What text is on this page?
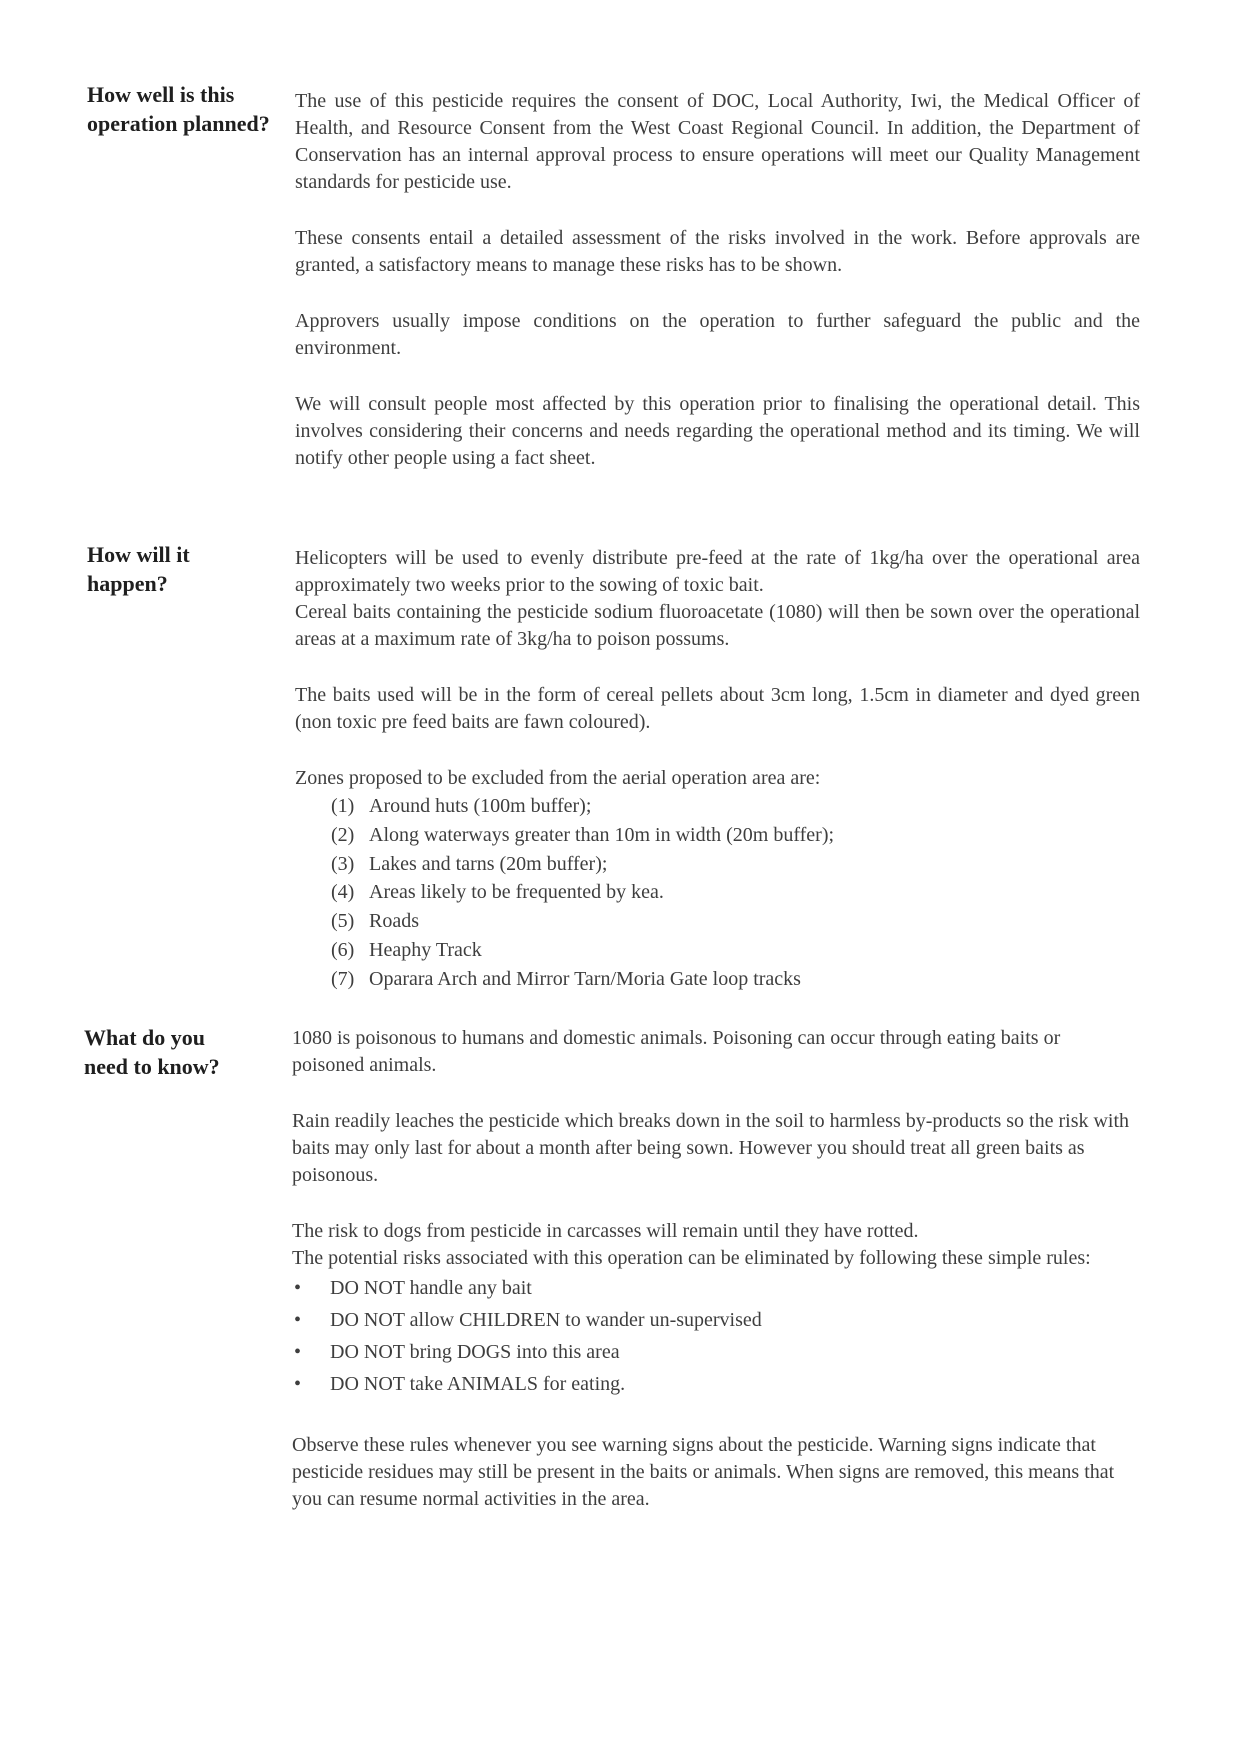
How well is this operation planned?

The use of this pesticide requires the consent of DOC, Local Authority, Iwi, the Medical Officer of Health, and Resource Consent from the West Coast Regional Council. In addition, the Department of Conservation has an internal approval process to ensure operations will meet our Quality Management standards for pesticide use.

These consents entail a detailed assessment of the risks involved in the work. Before approvals are granted, a satisfactory means to manage these risks has to be shown.

Approvers usually impose conditions on the operation to further safeguard the public and the environment.

We will consult people most affected by this operation prior to finalising the operational detail. This involves considering their concerns and needs regarding the operational method and its timing. We will notify other people using a fact sheet.

How will it happen?

Helicopters will be used to evenly distribute pre-feed at the rate of 1kg/ha over the operational area approximately two weeks prior to the sowing of toxic bait.

Cereal baits containing the pesticide sodium fluoroacetate (1080) will then be sown over the operational areas at a maximum rate of 3kg/ha to poison possums.

The baits used will be in the form of cereal pellets about 3cm long, 1.5cm in diameter and dyed green (non toxic pre feed baits are fawn coloured).

Zones proposed to be excluded from the aerial operation area are:

(1) Around huts (100m buffer);
(2) Along waterways greater than 10m in width (20m buffer);
(3) Lakes and tarns (20m buffer);
(4) Areas likely to be frequented by kea.
(5) Roads
(6) Heaphy Track
(7) Oparara Arch and Mirror Tarn/Moria Gate loop tracks
What do you need to know?

1080 is poisonous to humans and domestic animals. Poisoning can occur through eating baits or poisoned animals.

Rain readily leaches the pesticide which breaks down in the soil to harmless by-products so the risk with baits may only last for about a month after being sown. However you should treat all green baits as poisonous.

The risk to dogs from pesticide in carcasses will remain until they have rotted.

The potential risks associated with this operation can be eliminated by following these simple rules:

• DO NOT handle any bait
• DO NOT allow CHILDREN to wander un-supervised
• DO NOT bring DOGS into this area
• DO NOT take ANIMALS for eating.

Observe these rules whenever you see warning signs about the pesticide. Warning signs indicate that pesticide residues may still be present in the baits or animals. When signs are removed, this means that you can resume normal activities in the area.
